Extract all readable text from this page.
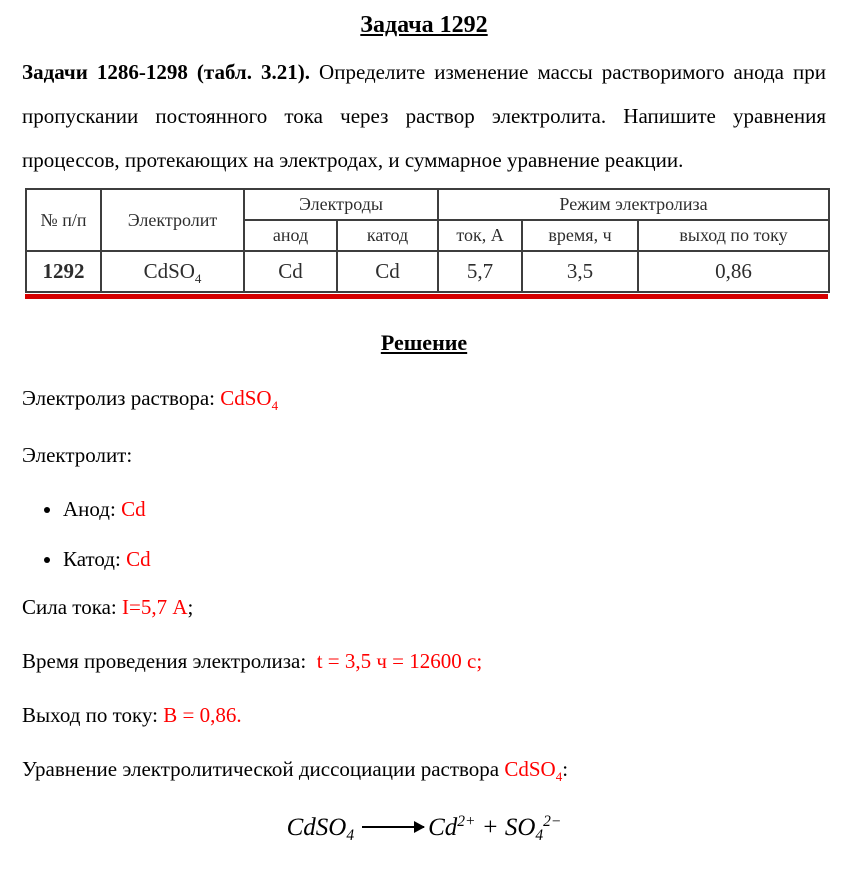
Задача 1292

Задачи 1286-1298 (табл. 3.21). Определите изменение массы растворимого анода при пропускании постоянного тока через раствор электролита. Напишите уравнения процессов, протекающих на электродах, и суммарное уравнение реакции.

№ п/п	Электролит	Электроды		Режим электролиза		
		анод	катод	ток, А	время, ч	выход по току
1292	CdSO$_4$	Cd	Cd	5,7	3,5	0,86
Решение

Электролиз раствора: CdSO$_4$

Электролит:

• Анод: Cd
• Катод: Cd

Сила тока: I=5,7 А;

Время проведения электролиза:  t = 3,5 ч = 12600 с;

Выход по току: В = 0,86.

Уравнение электролитической диссоциации раствора CdSO$_4$:

CdSO$_4$ → $Cd^{2+} + SO_4^{2-}$
